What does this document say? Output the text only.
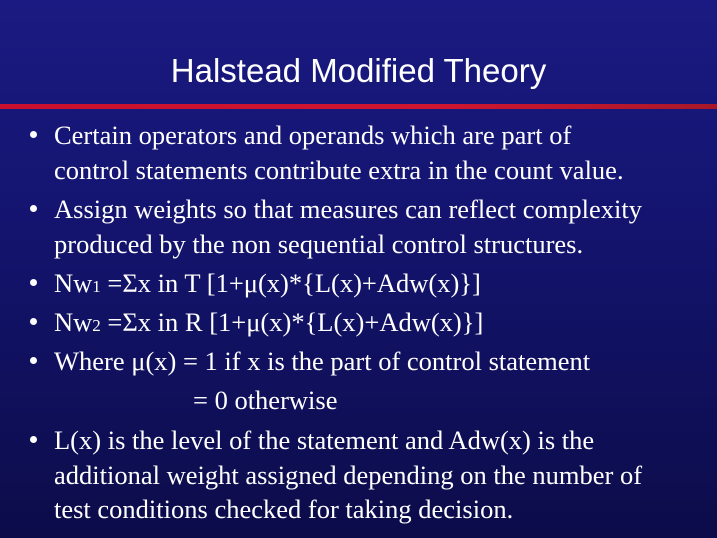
Halstead Modified Theory
Certain operators and operands which are part of
control statements contribute extra in the count value.
Assign weights so that measures can reflect complexity
produced by the non sequential control structures.
Nw1 =Σx in T [1+μ(x)*{L(x)+Adw(x)}]
Nw2 =Σx in R [1+μ(x)*{L(x)+Adw(x)}]
Where μ(x) = 1 if x is the part of control statement
= 0 otherwise
L(x) is the level of the statement and Adw(x) is the
additional weight assigned depending on the number of
test conditions checked for taking decision.
